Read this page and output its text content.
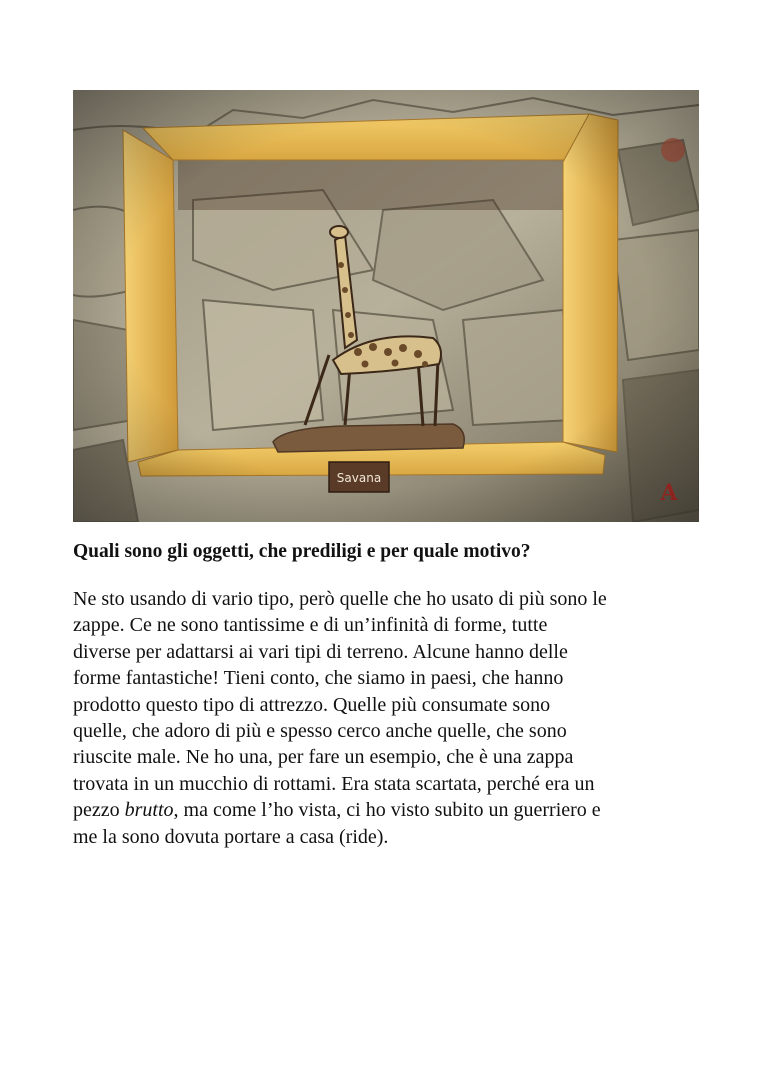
Quali sono gli oggetti, che prediligi e per quale motivo?

Ne sto usando di vario tipo, però quelle che ho usato di più sono le
zappe. Ce ne sono tantissime e di un’infinità di forme, tutte
diverse per adattarsi ai vari tipi di terreno. Alcune hanno delle
forme fantastiche! Tieni conto, che siamo in paesi, che hanno
prodotto questo tipo di attrezzo. Quelle più consumate sono
quelle, che adoro di più e spesso cerco anche quelle, che sono
riuscite male. Ne ho una, per fare un esempio, che è una zappa
trovata in un mucchio di rottami. Era stata scartata, perché era un
pezzo brutto, ma come l’ho vista, ci ho visto subito un guerriero e
me la sono dovuta portare a casa (ride).
